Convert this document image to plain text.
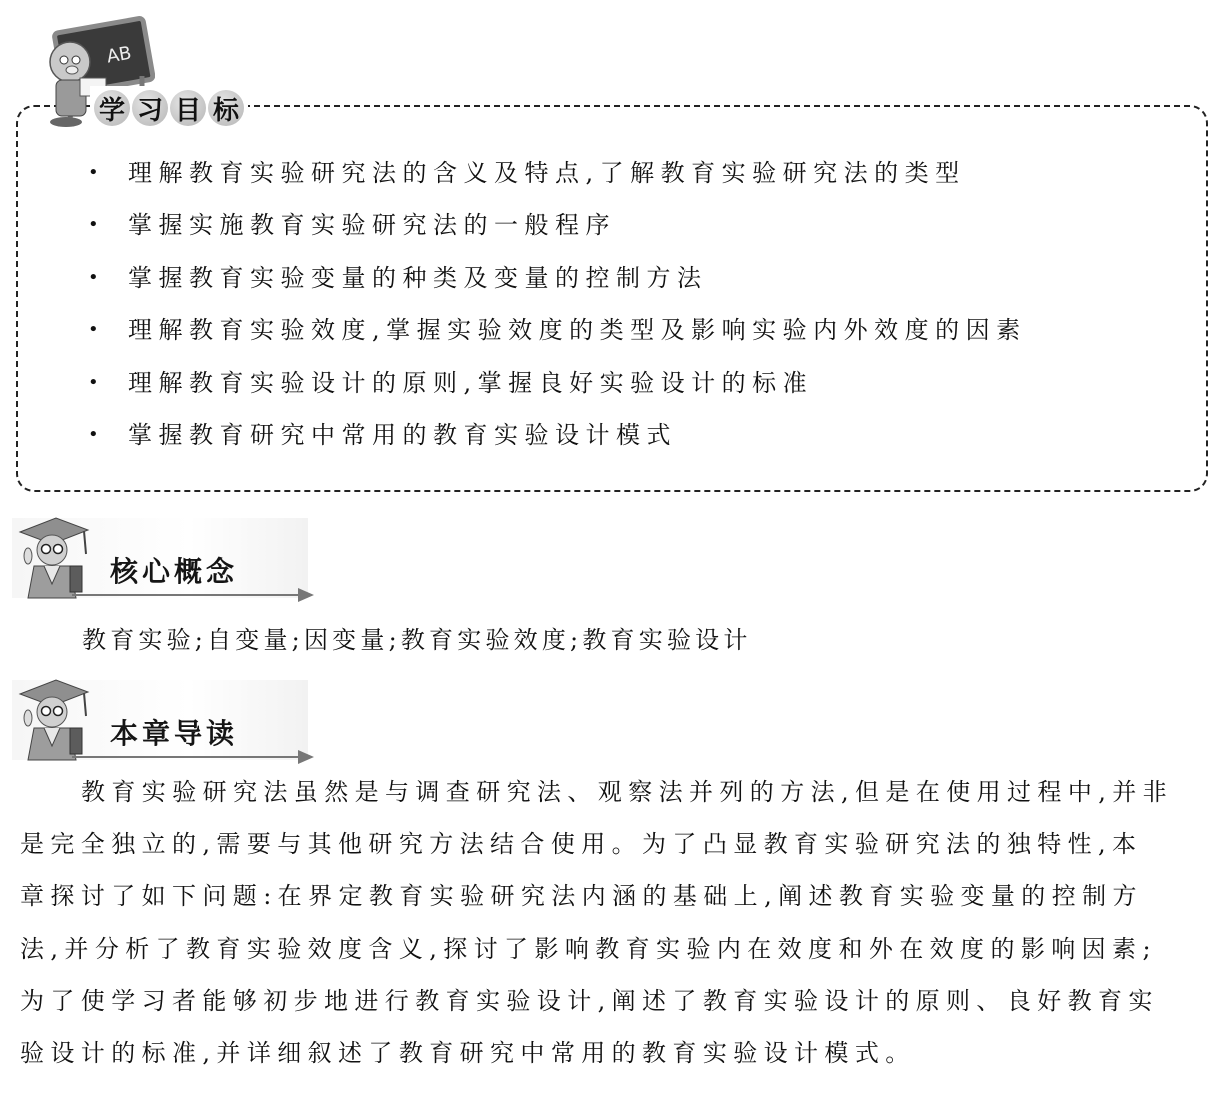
AB
学 习 目 标
•	理解教育实验研究法的含义及特点,了解教育实验研究法的类型
•	掌握实施教育实验研究法的一般程序
•	掌握教育实验变量的种类及变量的控制方法
•	理解教育实验效度,掌握实验效度的类型及影响实验内外效度的因素
•	理解教育实验设计的原则,掌握良好实验设计的标准
•	掌握教育研究中常用的教育实验设计模式
核心概念
教育实验;自变量;因变量;教育实验效度;教育实验设计
本章导读
教育实验研究法虽然是与调查研究法、观察法并列的方法,但是在使用过程中,并非
是完全独立的,需要与其他研究方法结合使用。为了凸显教育实验研究法的独特性,本
章探讨了如下问题:在界定教育实验研究法内涵的基础上,阐述教育实验变量的控制方
法,并分析了教育实验效度含义,探讨了影响教育实验内在效度和外在效度的影响因素;
为了使学习者能够初步地进行教育实验设计,阐述了教育实验设计的原则、良好教育实
验设计的标准,并详细叙述了教育研究中常用的教育实验设计模式。
